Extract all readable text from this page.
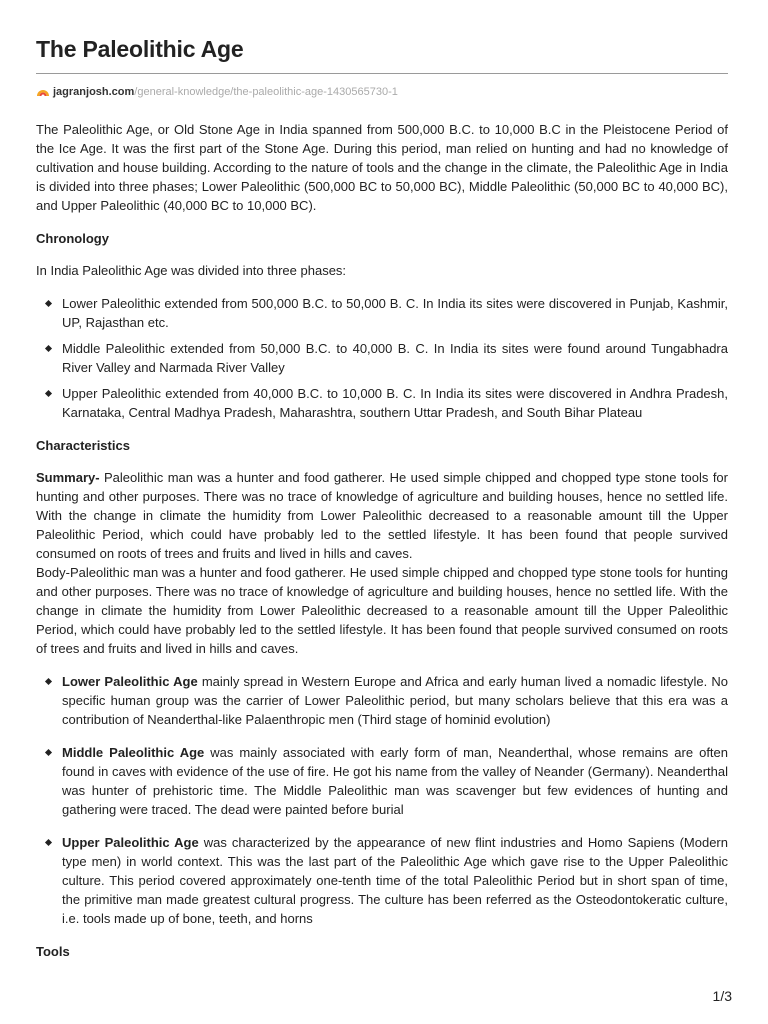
The Paleolithic Age
jagranjosh.com/general-knowledge/the-paleolithic-age-1430565730-1

The Paleolithic Age, or Old Stone Age in India spanned from 500,000 B.C. to 10,000 B.C in the Pleistocene Period of the Ice Age. It was the first part of the Stone Age. During this period, man relied on hunting and had no knowledge of cultivation and house building. According to the nature of tools and the change in the climate, the Paleolithic Age in India is divided into three phases; Lower Paleolithic (500,000 BC to 50,000 BC), Middle Paleolithic (50,000 BC to 40,000 BC), and Upper Paleolithic (40,000 BC to 10,000 BC).

Chronology

In India Paleolithic Age was divided into three phases:

Lower Paleolithic extended from 500,000 B.C. to 50,000 B. C. In India its sites were discovered in Punjab, Kashmir, UP, Rajasthan etc.
Middle Paleolithic extended from 50,000 B.C. to 40,000 B. C. In India its sites were found around Tungabhadra River Valley and Narmada River Valley
Upper Paleolithic extended from 40,000 B.C. to 10,000 B. C. In India its sites were discovered in Andhra Pradesh, Karnataka, Central Madhya Pradesh, Maharashtra, southern Uttar Pradesh, and South Bihar Plateau
Characteristics

Summary- Paleolithic man was a hunter and food gatherer. He used simple chipped and chopped type stone tools for hunting and other purposes. There was no trace of knowledge of agriculture and building houses, hence no settled life. With the change in climate the humidity from Lower Paleolithic decreased to a reasonable amount till the Upper Paleolithic Period, which could have probably led to the settled lifestyle. It has been found that people survived consumed on roots of trees and fruits and lived in hills and caves.

Body-Paleolithic man was a hunter and food gatherer. He used simple chipped and chopped type stone tools for hunting and other purposes. There was no trace of knowledge of agriculture and building houses, hence no settled life. With the change in climate the humidity from Lower Paleolithic decreased to a reasonable amount till the Upper Paleolithic Period, which could have probably led to the settled lifestyle. It has been found that people survived consumed on roots of trees and fruits and lived in hills and caves.

Lower Paleolithic Age mainly spread in Western Europe and Africa and early human lived a nomadic lifestyle. No specific human group was the carrier of Lower Paleolithic period, but many scholars believe that this era was a contribution of Neanderthal-like Palaenthropic men (Third stage of hominid evolution)
Middle Paleolithic Age was mainly associated with early form of man, Neanderthal, whose remains are often found in caves with evidence of the use of fire. He got his name from the valley of Neander (Germany). Neanderthal was hunter of prehistoric time. The Middle Paleolithic man was scavenger but few evidences of hunting and gathering were traced. The dead were painted before burial
Upper Paleolithic Age was characterized by the appearance of new flint industries and Homo Sapiens (Modern type men) in world context. This was the last part of the Paleolithic Age which gave rise to the Upper Paleolithic culture. This period covered approximately one-tenth time of the total Paleolithic Period but in short span of time, the primitive man made greatest cultural progress. The culture has been referred as the Osteodontokeratic culture, i.e. tools made up of bone, teeth, and horns
Tools
1/3
